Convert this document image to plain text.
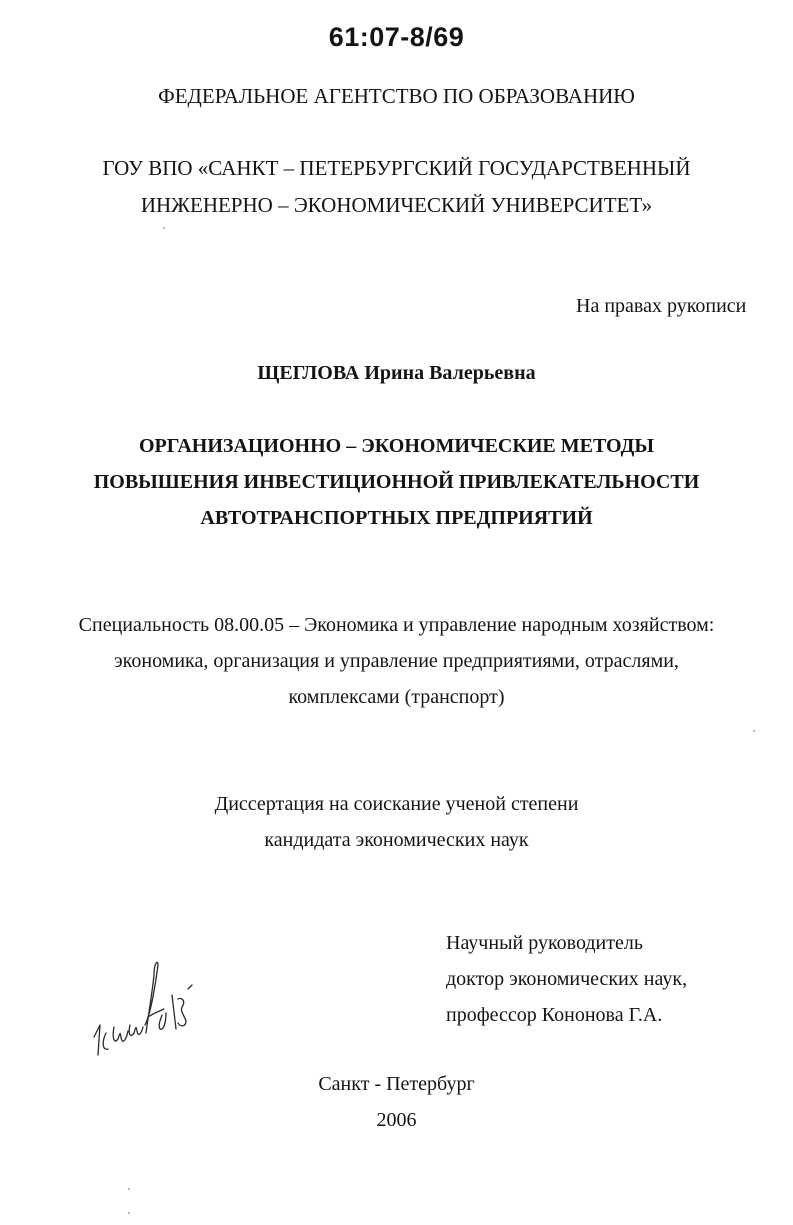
61:07-8/69
ФЕДЕРАЛЬНОЕ АГЕНТСТВО ПО ОБРАЗОВАНИЮ
ГОУ ВПО «САНКТ – ПЕТЕРБУРГСКИЙ ГОСУДАРСТВЕННЫЙ
ИНЖЕНЕРНО – ЭКОНОМИЧЕСКИЙ УНИВЕРСИТЕТ»
На правах рукописи
ЩЕГЛОВА Ирина Валерьевна
ОРГАНИЗАЦИОННО – ЭКОНОМИЧЕСКИЕ МЕТОДЫ
ПОВЫШЕНИЯ ИНВЕСТИЦИОННОЙ ПРИВЛЕКАТЕЛЬНОСТИ
АВТОТРАНСПОРТНЫХ ПРЕДПРИЯТИЙ
Специальность 08.00.05 – Экономика и управление народным хозяйством:
экономика, организация и управление предприятиями, отраслями,
комплексами (транспорт)
Диссертация на соискание ученой степени
кандидата экономических наук
Научный руководитель
доктор экономических наук,
профессор Кононова Г.А.
Санкт - Петербург
2006
